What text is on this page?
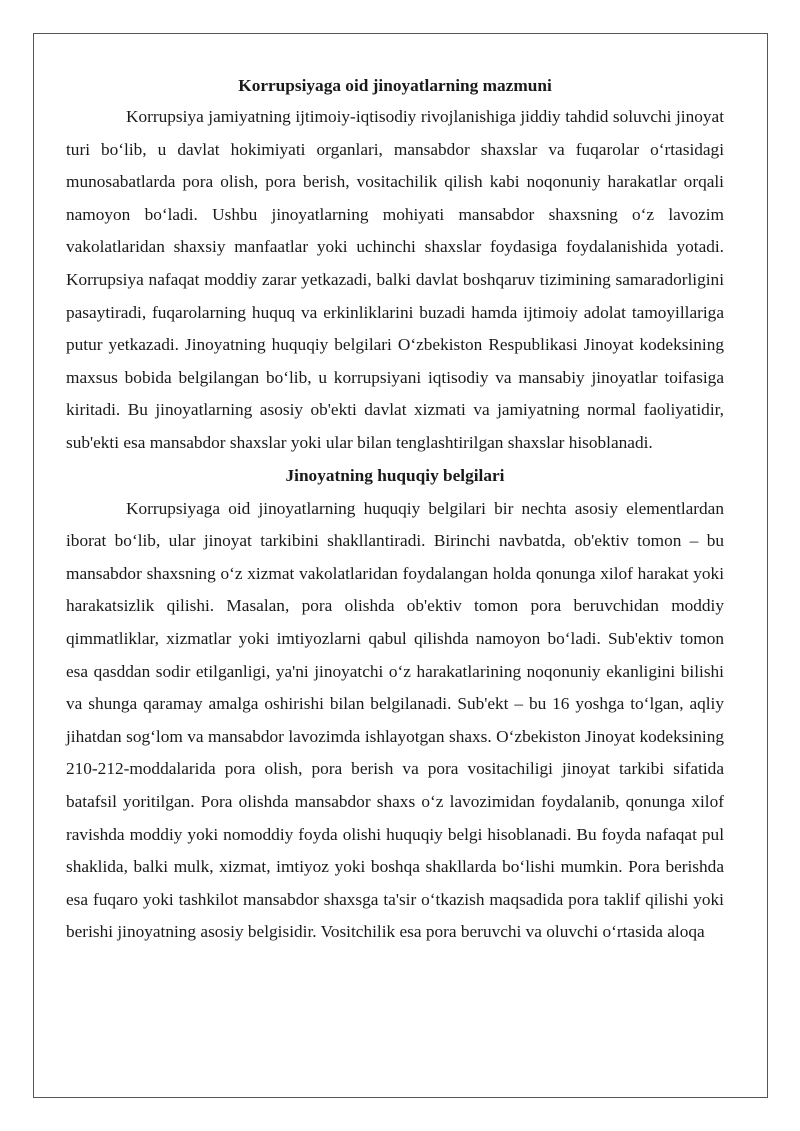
Korrupsiyaga oid jinoyatlarning mazmuni

Korrupsiya jamiyatning ijtimoiy-iqtisodiy rivojlanishiga jiddiy tahdid soluvchi jinoyat turi bo‘lib, u davlat hokimiyati organlari, mansabdor shaxslar va fuqarolar o‘rtasidagi munosabatlarda pora olish, pora berish, vositachilik qilish kabi noqonuniy harakatlar orqali namoyon bo‘ladi. Ushbu jinoyatlarning mohiyati mansabdor shaxsning o‘z lavozim vakolatlaridan shaxsiy manfaatlar yoki uchinchi shaxslar foydasiga foydalanishida yotadi. Korrupsiya nafaqat moddiy zarar yetkazadi, balki davlat boshqaruv tizimining samaradorligini pasaytiradi, fuqarolarning huquq va erkinliklarini buzadi hamda ijtimoiy adolat tamoyillariga putur yetkazadi. Jinoyatning huquqiy belgilari O‘zbekiston Respublikasi Jinoyat kodeksining maxsus bobida belgilangan bo‘lib, u korrupsiyani iqtisodiy va mansabiy jinoyatlar toifasiga kiritadi. Bu jinoyatlarning asosiy ob'ekti davlat xizmati va jamiyatning normal faoliyatidir, sub'ekti esa mansabdor shaxslar yoki ular bilan tenglashtirilgan shaxslar hisoblanadi.

Jinoyatning huquqiy belgilari

Korrupsiyaga oid jinoyatlarning huquqiy belgilari bir nechta asosiy elementlardan iborat bo‘lib, ular jinoyat tarkibini shakllantiradi. Birinchi navbatda, ob'ektiv tomon – bu mansabdor shaxsning o‘z xizmat vakolatlaridan foydalangan holda qonunga xilof harakat yoki harakatsizlik qilishi. Masalan, pora olishda ob'ektiv tomon pora beruvchidan moddiy qimmatliklar, xizmatlar yoki imtiyozlarni qabul qilishda namoyon bo‘ladi. Sub'ektiv tomon esa qasddan sodir etilganligi, ya'ni jinoyatchi o‘z harakatlarining noqonuniy ekanligini bilishi va shunga qaramay amalga oshirishi bilan belgilanadi. Sub'ekt – bu 16 yoshga to‘lgan, aqliy jihatdan sog‘lom va mansabdor lavozimda ishlayotgan shaxs. O‘zbekiston Jinoyat kodeksining 210-212-moddalarida pora olish, pora berish va pora vositachiligi jinoyat tarkibi sifatida batafsil yoritilgan. Pora olishda mansabdor shaxs o‘z lavozimidan foydalanib, qonunga xilof ravishda moddiy yoki nomoddiy foyda olishi huquqiy belgi hisoblanadi. Bu foyda nafaqat pul shaklida, balki mulk, xizmat, imtiyoz yoki boshqa shakllarda bo‘lishi mumkin. Pora berishda esa fuqaro yoki tashkilot mansabdor shaxsga ta'sir o‘tkazish maqsadida pora taklif qilishi yoki berishi jinoyatning asosiy belgisidir. Vositchilik esa pora beruvchi va oluvchi o‘rtasida aloqa
